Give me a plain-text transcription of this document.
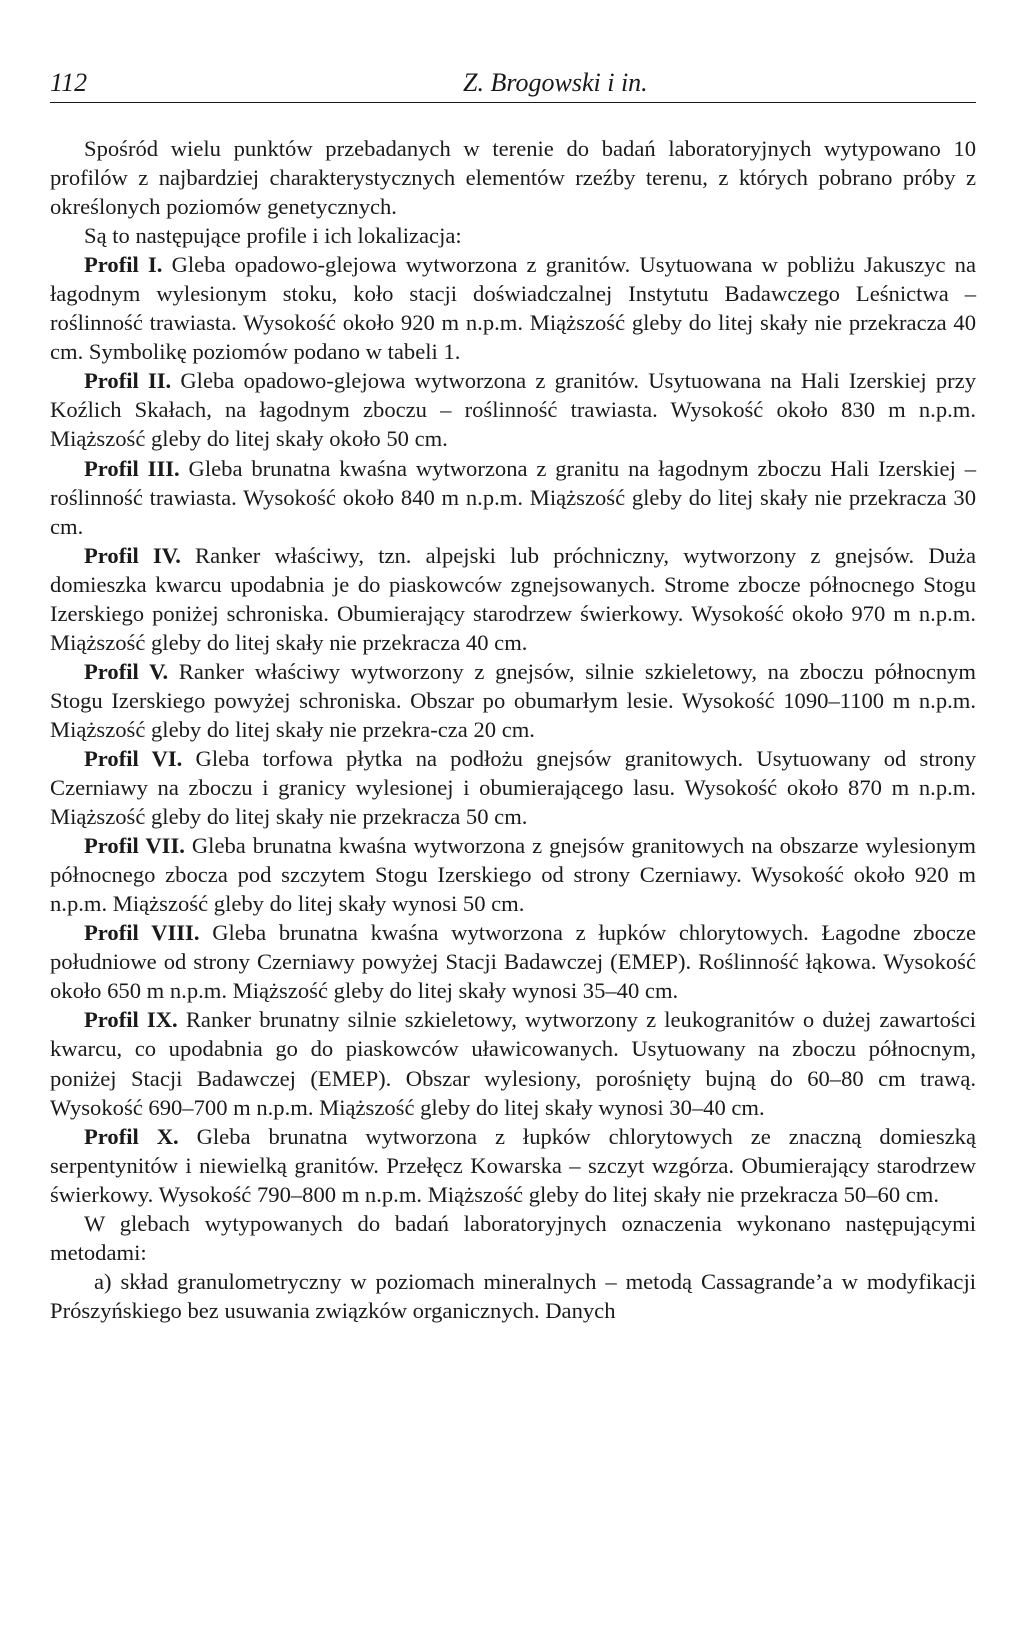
112	Z. Brogowski i in.

Spośród wielu punktów przebadanych w terenie do badań laboratoryjnych wytypowano 10 profilów z najbardziej charakterystycznych elementów rzeźby terenu, z których pobrano próby z określonych poziomów genetycznych.

Są to następujące profile i ich lokalizacja:

Profil I. Gleba opadowo-glejowa wytworzona z granitów. Usytuowana w pobliżu Jakuszyc na łagodnym wylesionym stoku, koło stacji doświadczalnej Instytutu Badawczego Leśnictwa – roślinność trawiasta. Wysokość około 920 m n.p.m. Miąższość gleby do litej skały nie przekracza 40 cm. Symbolikę poziomów podano w tabeli 1.

Profil II. Gleba opadowo-glejowa wytworzona z granitów. Usytuowana na Hali Izerskiej przy Koźlich Skałach, na łagodnym zboczu – roślinność trawiasta. Wysokość około 830 m n.p.m. Miąższość gleby do litej skały około 50 cm.

Profil III. Gleba brunatna kwaśna wytworzona z granitu na łagodnym zboczu Hali Izerskiej – roślinność trawiasta. Wysokość około 840 m n.p.m. Miąższość gleby do litej skały nie przekracza 30 cm.

Profil IV. Ranker właściwy, tzn. alpejski lub próchniczny, wytworzony z gnejsów. Duża domieszka kwarcu upodabnia je do piaskowców zgnejsowanych. Strome zbocze północnego Stogu Izerskiego poniżej schroniska. Obumierający starodrzew świerkowy. Wysokość około 970 m n.p.m. Miąższość gleby do litej skały nie przekracza 40 cm.

Profil V. Ranker właściwy wytworzony z gnejsów, silnie szkieletowy, na zboczu północnym Stogu Izerskiego powyżej schroniska. Obszar po obumarłym lesie. Wysokość 1090–1100 m n.p.m. Miąższość gleby do litej skały nie przekra-cza 20 cm.

Profil VI. Gleba torfowa płytka na podłożu gnejsów granitowych. Usytuowany od strony Czerniawy na zboczu i granicy wylesionej i obumierającego lasu. Wysokość około 870 m n.p.m. Miąższość gleby do litej skały nie przekracza 50 cm.

Profil VII. Gleba brunatna kwaśna wytworzona z gnejsów granitowych na obszarze wylesionym północnego zbocza pod szczytem Stogu Izerskiego od strony Czerniawy. Wysokość około 920 m n.p.m. Miąższość gleby do litej skały wynosi 50 cm.

Profil VIII. Gleba brunatna kwaśna wytworzona z łupków chlorytowych. Łagodne zbocze południowe od strony Czerniawy powyżej Stacji Badawczej (EMEP). Roślinność łąkowa. Wysokość około 650 m n.p.m. Miąższość gleby do litej skały wynosi 35–40 cm.

Profil IX. Ranker brunatny silnie szkieletowy, wytworzony z leukogranitów o dużej zawartości kwarcu, co upodabnia go do piaskowców uławicowanych. Usytuowany na zboczu północnym, poniżej Stacji Badawczej (EMEP). Obszar wylesiony, porośnięty bujną do 60–80 cm trawą. Wysokość 690–700 m n.p.m. Miąższość gleby do litej skały wynosi 30–40 cm.

Profil X. Gleba brunatna wytworzona z łupków chlorytowych ze znaczną domieszką serpentynitów i niewielką granitów. Przełęcz Kowarska – szczyt wzgórza. Obumierający starodrzew świerkowy. Wysokość 790–800 m n.p.m. Miąższość gleby do litej skały nie przekracza 50–60 cm.

W glebach wytypowanych do badań laboratoryjnych oznaczenia wykonano następującymi metodami:

a) skład granulometryczny w poziomach mineralnych – metodą Cassagrande’a w modyfikacji Prószyńskiego bez usuwania związków organicznych. Danych
